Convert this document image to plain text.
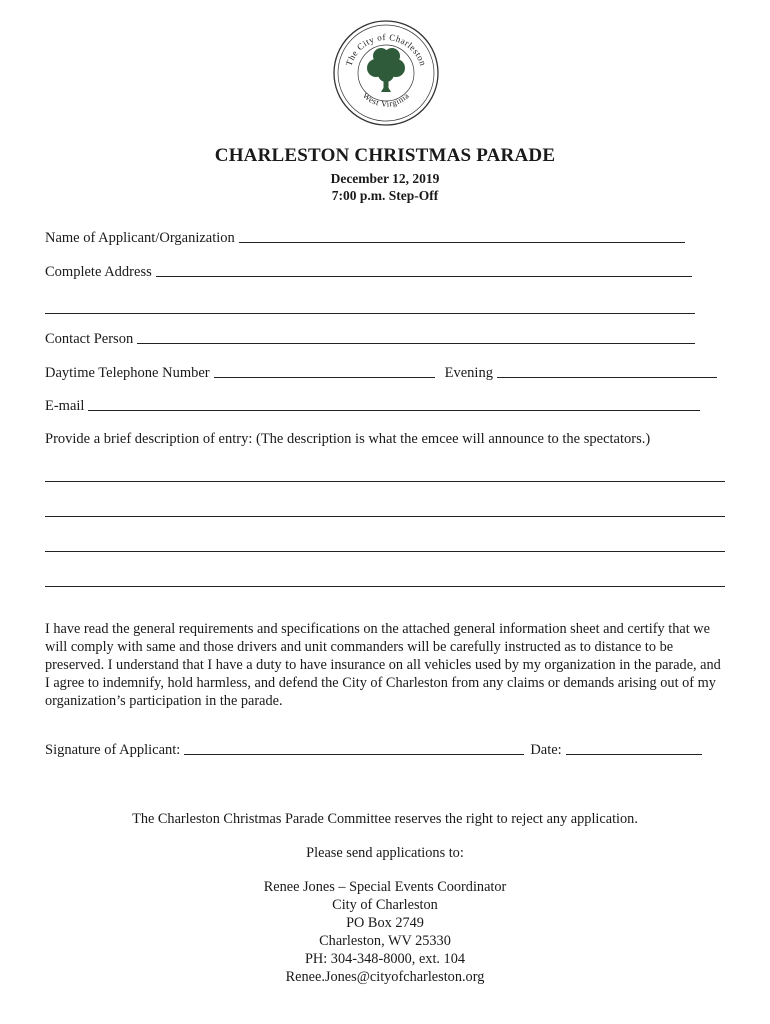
The City of Charleston
West Virginia
CHARLESTON CHRISTMAS PARADE
December 12, 2019
7:00 p.m. Step-Off
Name of Applicant/Organization
Complete Address
Contact Person
Daytime Telephone Number	Evening
E-mail
Provide a brief description of entry: (The description is what the emcee will announce to the spectators.)
I have read the general requirements and specifications on the attached general information sheet and certify that we will comply with same and those drivers and unit commanders will be carefully instructed as to distance to be preserved. I understand that I have a duty to have insurance on all vehicles used by my organization in the parade, and I agree to indemnify, hold harmless, and defend the City of Charleston from any claims or demands arising out of my organization’s participation in the parade.
Signature of Applicant:	Date:
The Charleston Christmas Parade Committee reserves the right to reject any application.
Please send applications to:
Renee Jones – Special Events Coordinator
City of Charleston
PO Box 2749
Charleston, WV 25330
PH: 304-348-8000, ext. 104
Renee.Jones@cityofcharleston.org
